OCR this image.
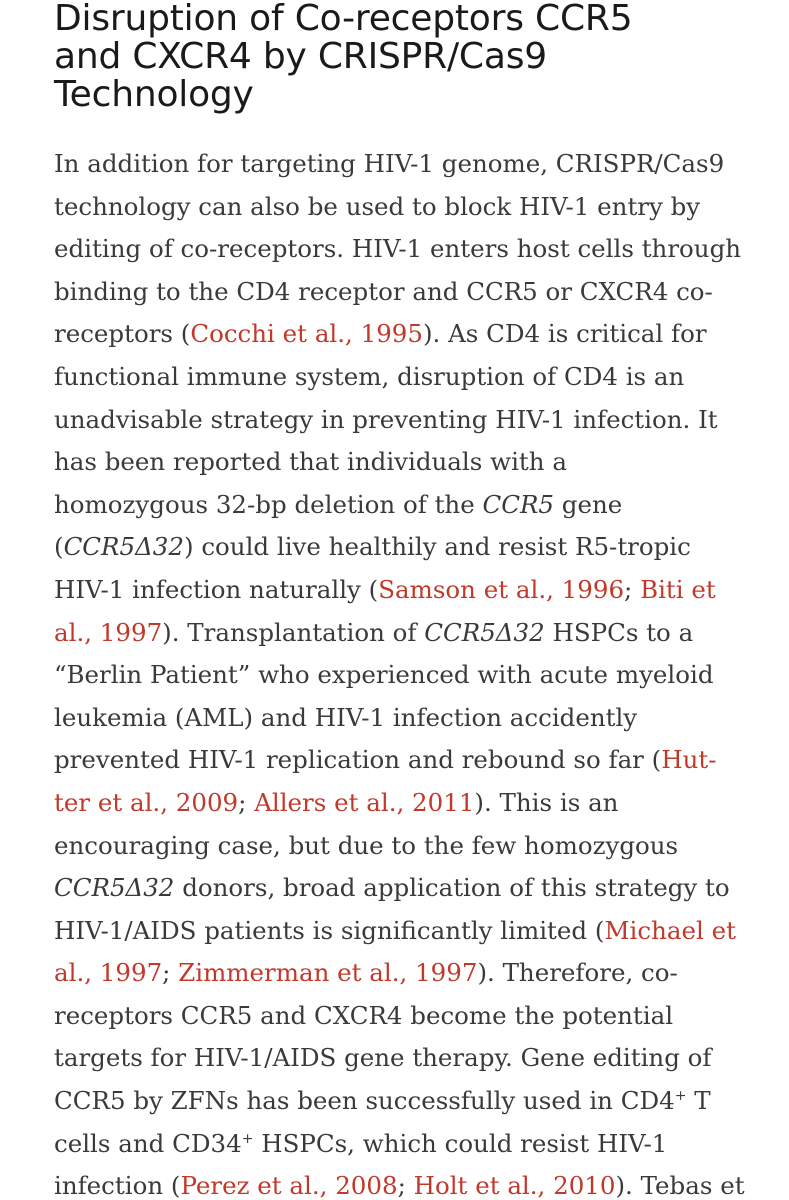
Disruption of Co-receptors CCR5
and CXCR4 by CRISPR/Cas9
Technology
In addition for targeting HIV-1 genome, CRISPR/Cas9
technology can also be used to block HIV-1 entry by
editing of co-receptors. HIV-1 enters host cells through
binding to the CD4 receptor and CCR5 or CXCR4 co-
receptors (Cocchi et al., 1995). As CD4 is critical for
functional immune system, disruption of CD4 is an
unadvisable strategy in preventing HIV-1 infection. It
has been reported that individuals with a
homozygous 32-bp deletion of the CCR5 gene
(CCR5Δ32) could live healthily and resist R5-tropic
HIV-1 infection naturally (Samson et al., 1996; Biti et
al., 1997). Transplantation of CCR5Δ32 HSPCs to a
“Berlin Patient” who experienced with acute myeloid
leukemia (AML) and HIV-1 infection accidently
prevented HIV-1 replication and rebound so far (Hut-
ter et al., 2009; Allers et al., 2011). This is an
encouraging case, but due to the few homozygous
CCR5Δ32 donors, broad application of this strategy to
HIV-1/AIDS patients is significantly limited (Michael et
al., 1997; Zimmerman et al., 1997). Therefore, co-
receptors CCR5 and CXCR4 become the potential
targets for HIV-1/AIDS gene therapy. Gene editing of
CCR5 by ZFNs has been successfully used in CD4+ T
cells and CD34+ HSPCs, which could resist HIV-1
infection (Perez et al., 2008; Holt et al., 2010). Tebas et
